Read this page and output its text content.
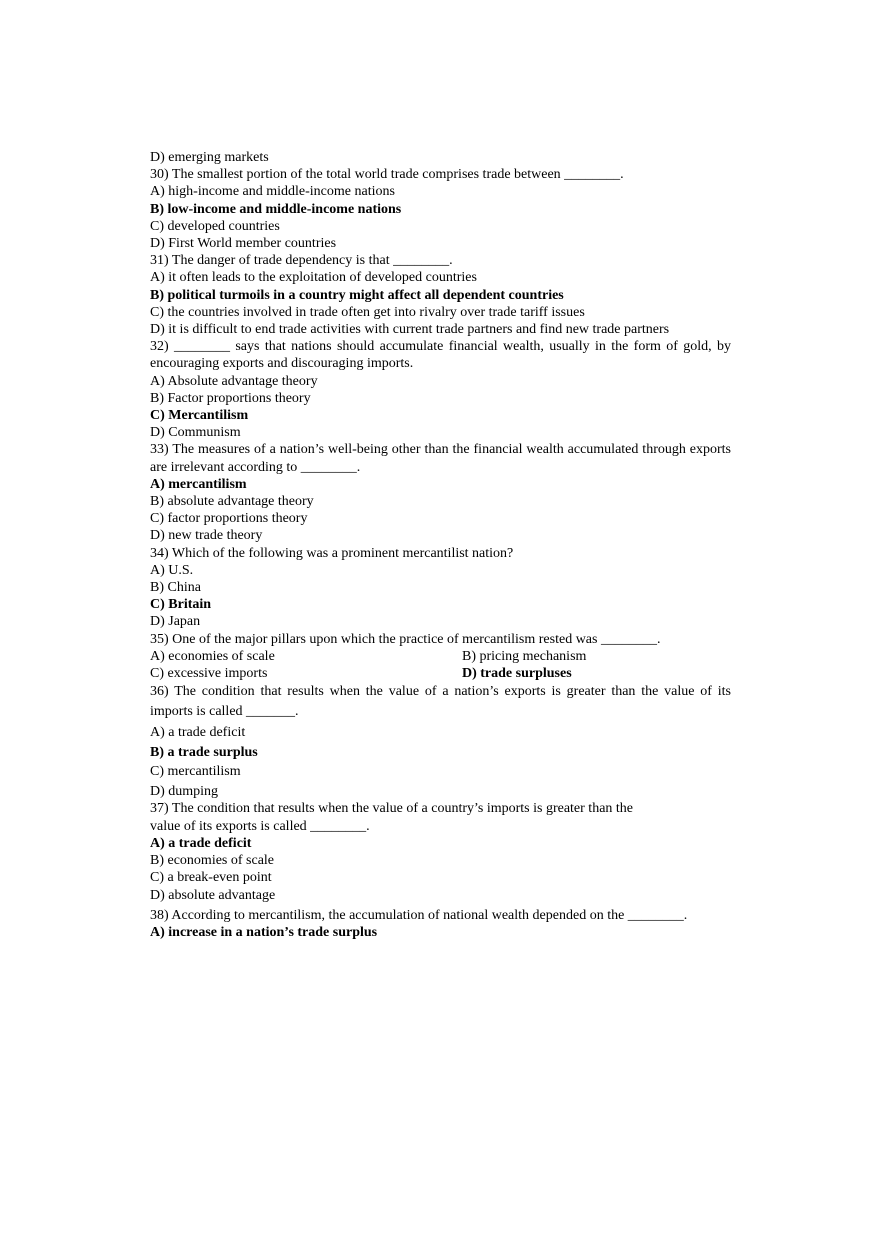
D) emerging markets
30) The smallest portion of the total world trade comprises trade between ________.
A) high-income and middle-income nations
B) low-income and middle-income nations
C) developed countries
D) First World member countries
31) The danger of trade dependency is that ________.
A) it often leads to the exploitation of developed countries
B) political turmoils in a country might affect all dependent countries
C) the countries involved in trade often get into rivalry over trade tariff issues
D) it is difficult to end trade activities with current trade partners and find new trade partners
32) ________ says that nations should accumulate financial wealth, usually in the form of gold, by encouraging exports and discouraging imports.
A) Absolute advantage theory
B) Factor proportions theory
C) Mercantilism
D) Communism
33) The measures of a nation’s well-being other than the financial wealth accumulated through exports are irrelevant according to ________.
A) mercantilism
B) absolute advantage theory
C) factor proportions theory
D) new trade theory
34) Which of the following was a prominent mercantilist nation?
A) U.S.
B) China
C) Britain
D) Japan
35) One of the major pillars upon which the practice of mercantilism rested was ________.
A) economies of scale	B) pricing mechanism
C) excessive imports	D) trade surpluses
36) The condition that results when the value of a nation’s exports is greater than the value of its imports is called _______.
A) a trade deficit
B) a trade surplus
C) mercantilism
D) dumping
37) The condition that results when the value of a country’s imports is greater than the
value of its exports is called ________.
A) a trade deficit
B) economies of scale
C) a break-even point
D) absolute advantage
38) According to mercantilism, the accumulation of national wealth depended on the ________.
A) increase in a nation’s trade surplus
